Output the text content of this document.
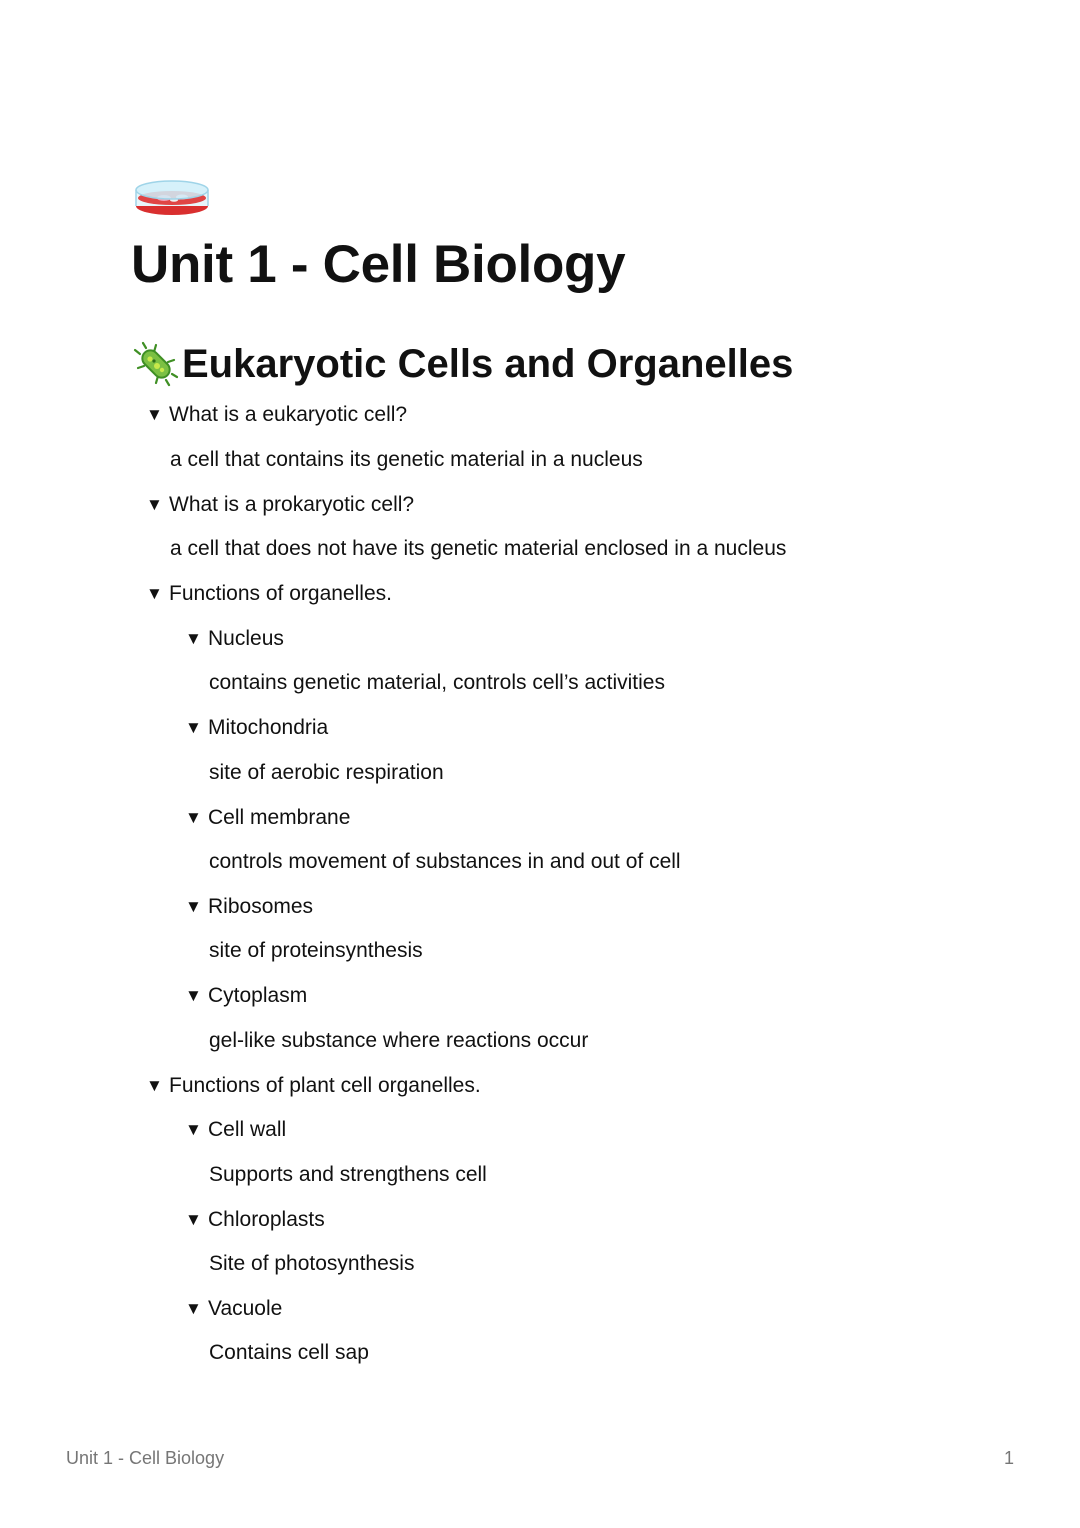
Unit 1 - Cell Biology
Eukaryotic Cells and Organelles
▼ What is a eukaryotic cell?
a cell that contains its genetic material in a nucleus
▼ What is a prokaryotic cell?
a cell that does not have its genetic material enclosed in a nucleus
▼ Functions of organelles.
▼ Nucleus
contains genetic material, controls cell’s activities
▼ Mitochondria
site of aerobic respiration
▼ Cell membrane
controls movement of substances in and out of cell
▼ Ribosomes
site of proteinsynthesis
▼ Cytoplasm
gel-like substance where reactions occur
▼ Functions of plant cell organelles.
▼ Cell wall
Supports and strengthens cell
▼ Chloroplasts
Site of photosynthesis
▼ Vacuole
Contains cell sap
Unit 1 - Cell Biology	1
